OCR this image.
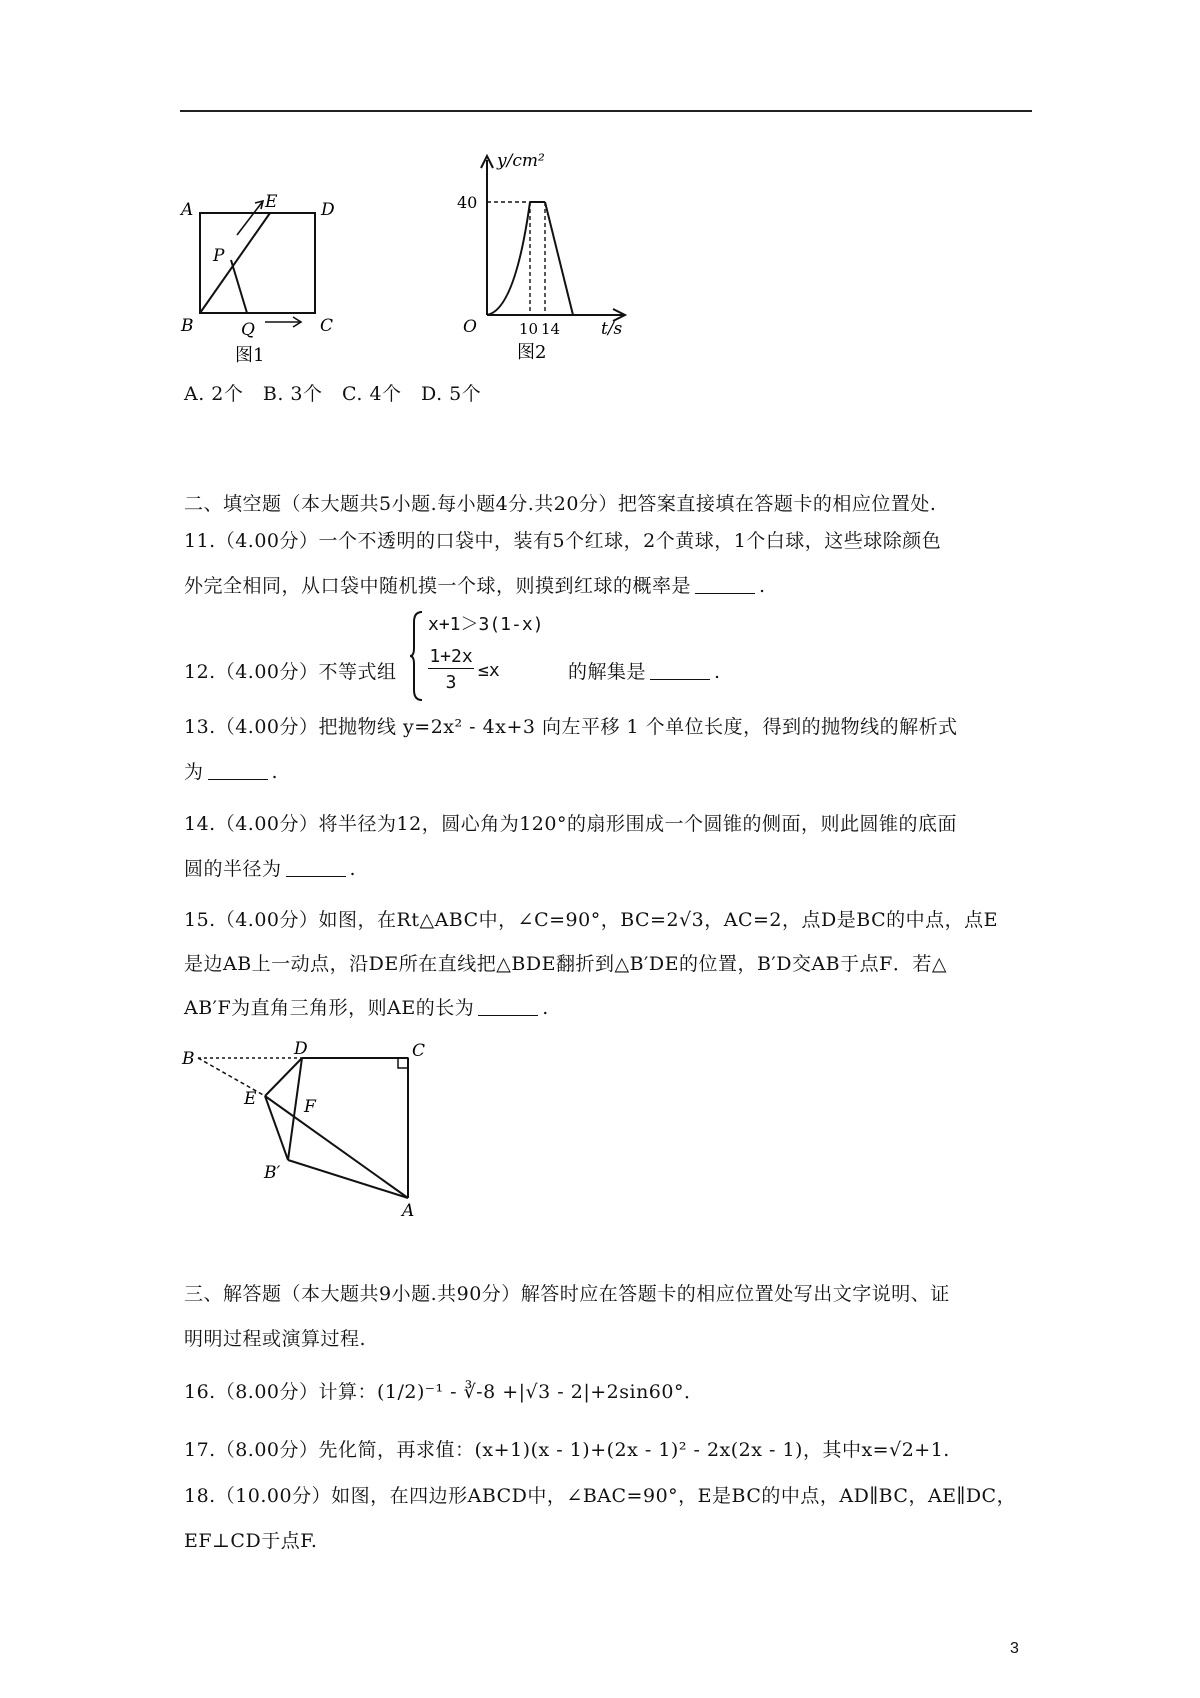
A	E	D
P
B	Q	C
图1
y/cm²
40
O	10 14 t/s
图2
A. 2个　B. 3个　C. 4个　D. 5个
二、填空题（本大题共5小题.每小题4分.共20分）把答案直接填在答题卡的相应位置处.
11.（4.00分）一个不透明的口袋中，装有5个红球，2个黄球，1个白球，这些球除颜色
外完全相同，从口袋中随机摸一个球，则摸到红球的概率是	.
12.（4.00分）不等式组
x+1＞3(1-x)
1+2x
3
≤x	的解集是	.
13.（4.00分）把抛物线 y=2x² - 4x+3 向左平移 1 个单位长度，得到的抛物线的解析式
为	.
14.（4.00分）将半径为12，圆心角为120°的扇形围成一个圆锥的侧面，则此圆锥的底面
圆的半径为	.
15.（4.00分）如图，在Rt△ABC中，∠C=90°，BC=2√3，AC=2，点D是BC的中点，点E
是边AB上一动点，沿DE所在直线把△BDE翻折到△B′DE的位置，B′D交AB于点F．若△
AB′F为直角三角形，则AE的长为	.
B	D	C
E	F
B′
A
三、解答题（本大题共9小题.共90分）解答时应在答题卡的相应位置处写出文字说明、证
明明过程或演算过程.
16.（8.00分）计算：(1/2)⁻¹ - ∛-8 +|√3 - 2|+2sin60°．
17.（8.00分）先化简，再求值：(x+1)(x - 1)+(2x - 1)² - 2x(2x - 1)，其中x=√2+1.
18.（10.00分）如图，在四边形ABCD中，∠BAC=90°，E是BC的中点，AD∥BC，AE∥DC，
EF⊥CD于点F.
3
